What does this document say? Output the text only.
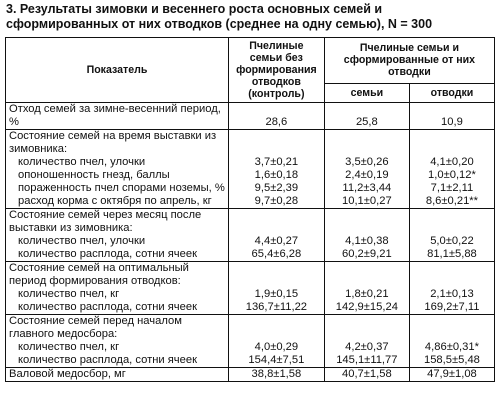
3. Результаты зимовки и весеннего роста основных семей и сформированных от них отводков (среднее на одну семью), N = 300
Показатель	Пчелиные семьи без формирования отводков (контроль)	Пчелиные семьи и сформированные от них отводки	
		семьи	отводки
Отход семей за зимне-весенний период, %	28,6	25,8	10,9
Состояние семей на время выставки из зимовника:			
количество пчел, улочки	3,7±0,21	3,5±0,26	4,1±0,20
опоношенность гнезд, баллы	1,6±0,18	2,4±0,19	1,0±0,12*
пораженность пчел спорами ноземы, %	9,5±2,39	11,2±3,44	7,1±2,11
расход корма с октября по апрель, кг	9,7±0,28	10,1±0,27	8,6±0,21**
Состояние семей через месяц после выставки из зимовника:			
количество пчел, улочки	4,4±0,27	4,1±0,38	5,0±0,22
количество расплода, сотни ячеек	65,4±6,28	60,2±9,21	81,1±5,88
Состояние семей на оптимальный период формирования отводков:			
количество пчел, кг	1,9±0,15	1,8±0,21	2,1±0,13
количество расплода, сотни ячеек	136,7±11,22	142,9±15,24	169,2±7,11
Состояние семей перед началом главного медосбора:			
количество пчел, кг	4,0±0,29	4,2±0,37	4,86±0,31*
количество расплода, сотни ячеек	154,4±7,51	145,1±11,77	158,5±5,48
Валовой медосбор, мг	38,8±1,58	40,7±1,58	47,9±1,08
